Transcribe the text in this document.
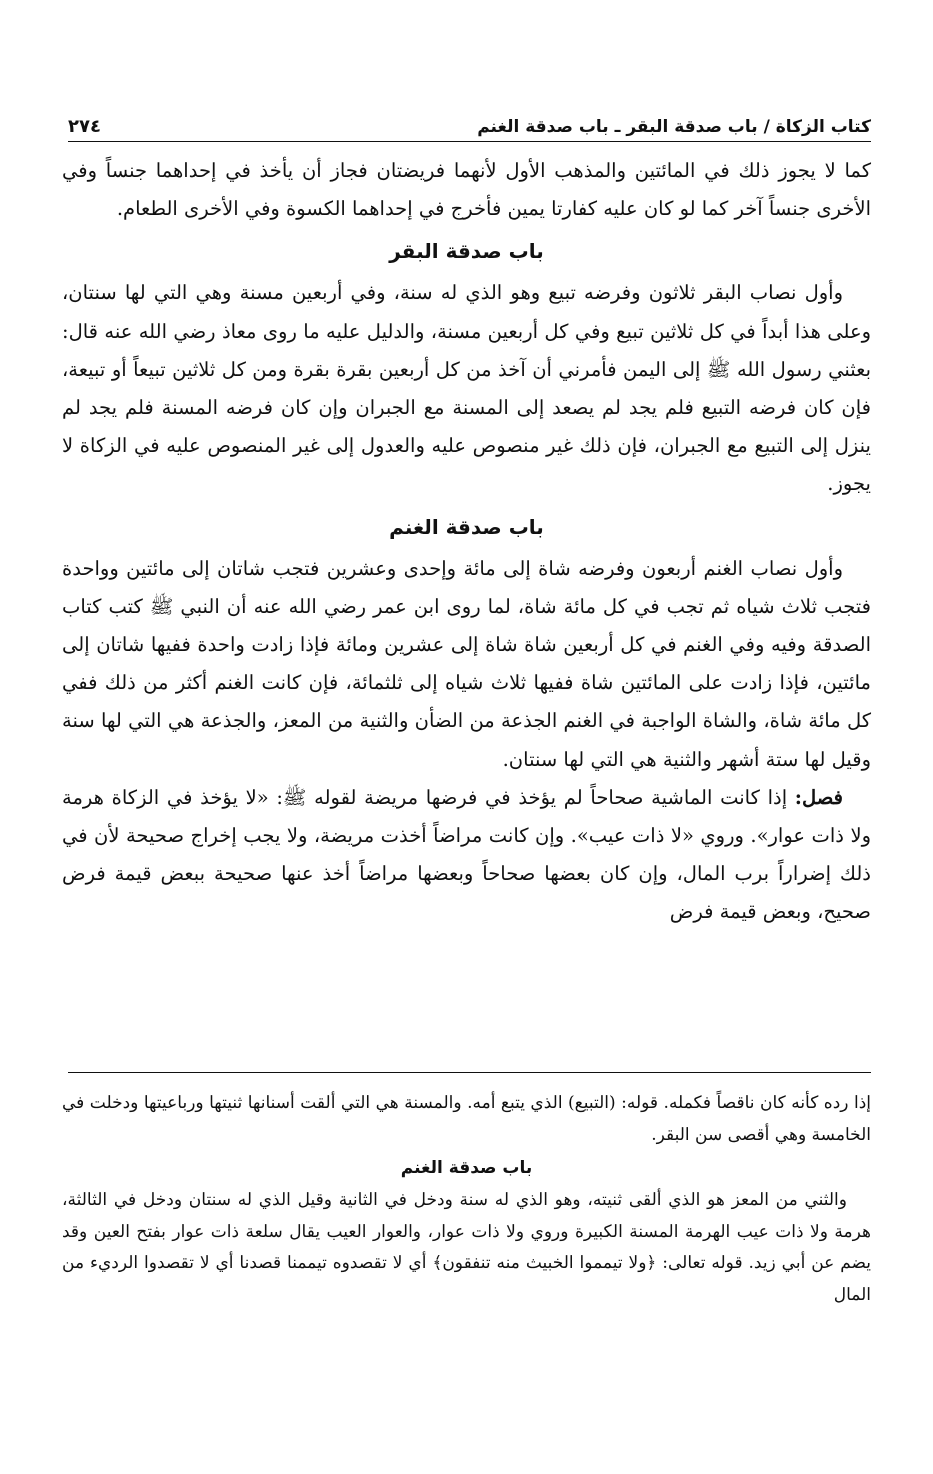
كتاب الزكاة / باب صدقة البقر ـ باب صدقة الغنم
٢٧٤

كما لا يجوز ذلك في المائتين والمذهب الأول لأنهما فريضتان فجاز أن يأخذ في إحداهما جنساً وفي الأخرى جنساً آخر كما لو كان عليه كفارتا يمين فأخرج في إحداهما الكسوة وفي الأخرى الطعام.

باب صدقة البقر

وأول نصاب البقر ثلاثون وفرضه تبيع وهو الذي له سنة، وفي أربعين مسنة وهي التي لها سنتان، وعلى هذا أبداً في كل ثلاثين تبيع وفي كل أربعين مسنة، والدليل عليه ما روى معاذ رضي الله عنه قال: بعثني رسول الله ﷺ إلى اليمن فأمرني أن آخذ من كل أربعين بقرة بقرة ومن كل ثلاثين تبيعاً أو تبيعة، فإن كان فرضه التبيع فلم يجد لم يصعد إلى المسنة مع الجبران وإن كان فرضه المسنة فلم يجد لم ينزل إلى التبيع مع الجبران، فإن ذلك غير منصوص عليه والعدول إلى غير المنصوص عليه في الزكاة لا يجوز.

باب صدقة الغنم

وأول نصاب الغنم أربعون وفرضه شاة إلى مائة وإحدى وعشرين فتجب شاتان إلى مائتين وواحدة فتجب ثلاث شياه ثم تجب في كل مائة شاة، لما روى ابن عمر رضي الله عنه أن النبي ﷺ كتب كتاب الصدقة وفيه وفي الغنم في كل أربعين شاة شاة إلى عشرين ومائة فإذا زادت واحدة ففيها شاتان إلى مائتين، فإذا زادت على المائتين شاة ففيها ثلاث شياه إلى ثلثمائة، فإن كانت الغنم أكثر من ذلك ففي كل مائة شاة، والشاة الواجبة في الغنم الجذعة من الضأن والثنية من المعز، والجذعة هي التي لها سنة وقيل لها ستة أشهر والثنية هي التي لها سنتان.

فصل: إذا كانت الماشية صحاحاً لم يؤخذ في فرضها مريضة لقوله ﷺ: «لا يؤخذ في الزكاة هرمة ولا ذات عوار». وروي «لا ذات عيب». وإن كانت مراضاً أخذت مريضة، ولا يجب إخراج صحيحة لأن في ذلك إضراراً برب المال، وإن كان بعضها صحاحاً وبعضها مراضاً أخذ عنها صحيحة ببعض قيمة فرض صحيح، وبعض قيمة فرض

إذا رده كأنه كان ناقصاً فكمله. قوله: (التبيع) الذي يتبع أمه. والمسنة هي التي ألقت أسنانها ثنيتها ورباعيتها ودخلت في الخامسة وهي أقصى سن البقر.

باب صدقة الغنم

والثني من المعز هو الذي ألقى ثنيته، وهو الذي له سنة ودخل في الثانية وقيل الذي له سنتان ودخل في الثالثة، هرمة ولا ذات عيب الهرمة المسنة الكبيرة وروي ولا ذات عوار، والعوار العيب يقال سلعة ذات عوار بفتح العين وقد يضم عن أبي زيد. قوله تعالى: ﴿ولا تيمموا الخبيث منه تنفقون﴾ أي لا تقصدوه تيممنا قصدنا أي لا تقصدوا الرديء من المال
